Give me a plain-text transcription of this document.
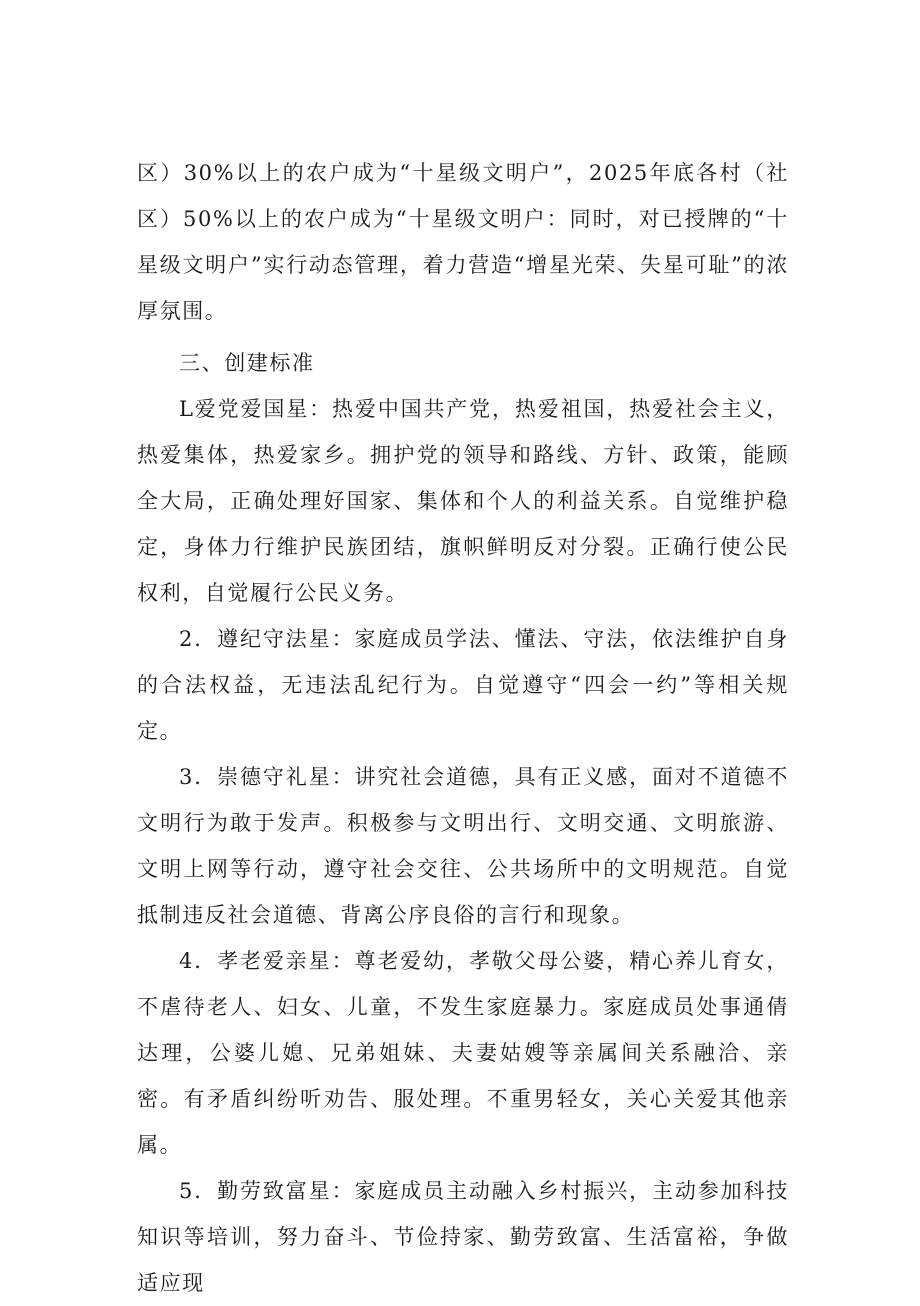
区）30%以上的农户成为“十星级文明户”，2025年底各村（社区）50%以上的农户成为“十星级文明户：同时，对已授牌的“十星级文明户”实行动态管理，着力营造“增星光荣、失星可耻”的浓厚氛围。

三、创建标准

L爱党爱国星：热爱中国共产党，热爱祖国，热爱社会主义，热爱集体，热爱家乡。拥护党的领导和路线、方针、政策，能顾全大局，正确处理好国家、集体和个人的利益关系。自觉维护稳定，身体力行维护民族团结，旗帜鲜明反对分裂。正确行使公民权利，自觉履行公民义务。

2．遵纪守法星：家庭成员学法、懂法、守法，依法维护自身的合法权益，无违法乱纪行为。自觉遵守“四会一约”等相关规定。

3．崇德守礼星：讲究社会道德，具有正义感，面对不道德不文明行为敢于发声。积极参与文明出行、文明交通、文明旅游、文明上网等行动，遵守社会交往、公共场所中的文明规范。自觉抵制违反社会道德、背离公序良俗的言行和现象。

4．孝老爱亲星：尊老爱幼，孝敬父母公婆，精心养儿育女，不虐待老人、妇女、儿童，不发生家庭暴力。家庭成员处事通倩达理，公婆儿媳、兄弟姐妹、夫妻姑嫂等亲属间关系融洽、亲密。有矛盾纠纷听劝告、服处理。不重男轻女，关心关爱其他亲属。

5．勤劳致富星：家庭成员主动融入乡村振兴，主动参加科技知识等培训，努力奋斗、节俭持家、勤劳致富、生活富裕，争做适应现
